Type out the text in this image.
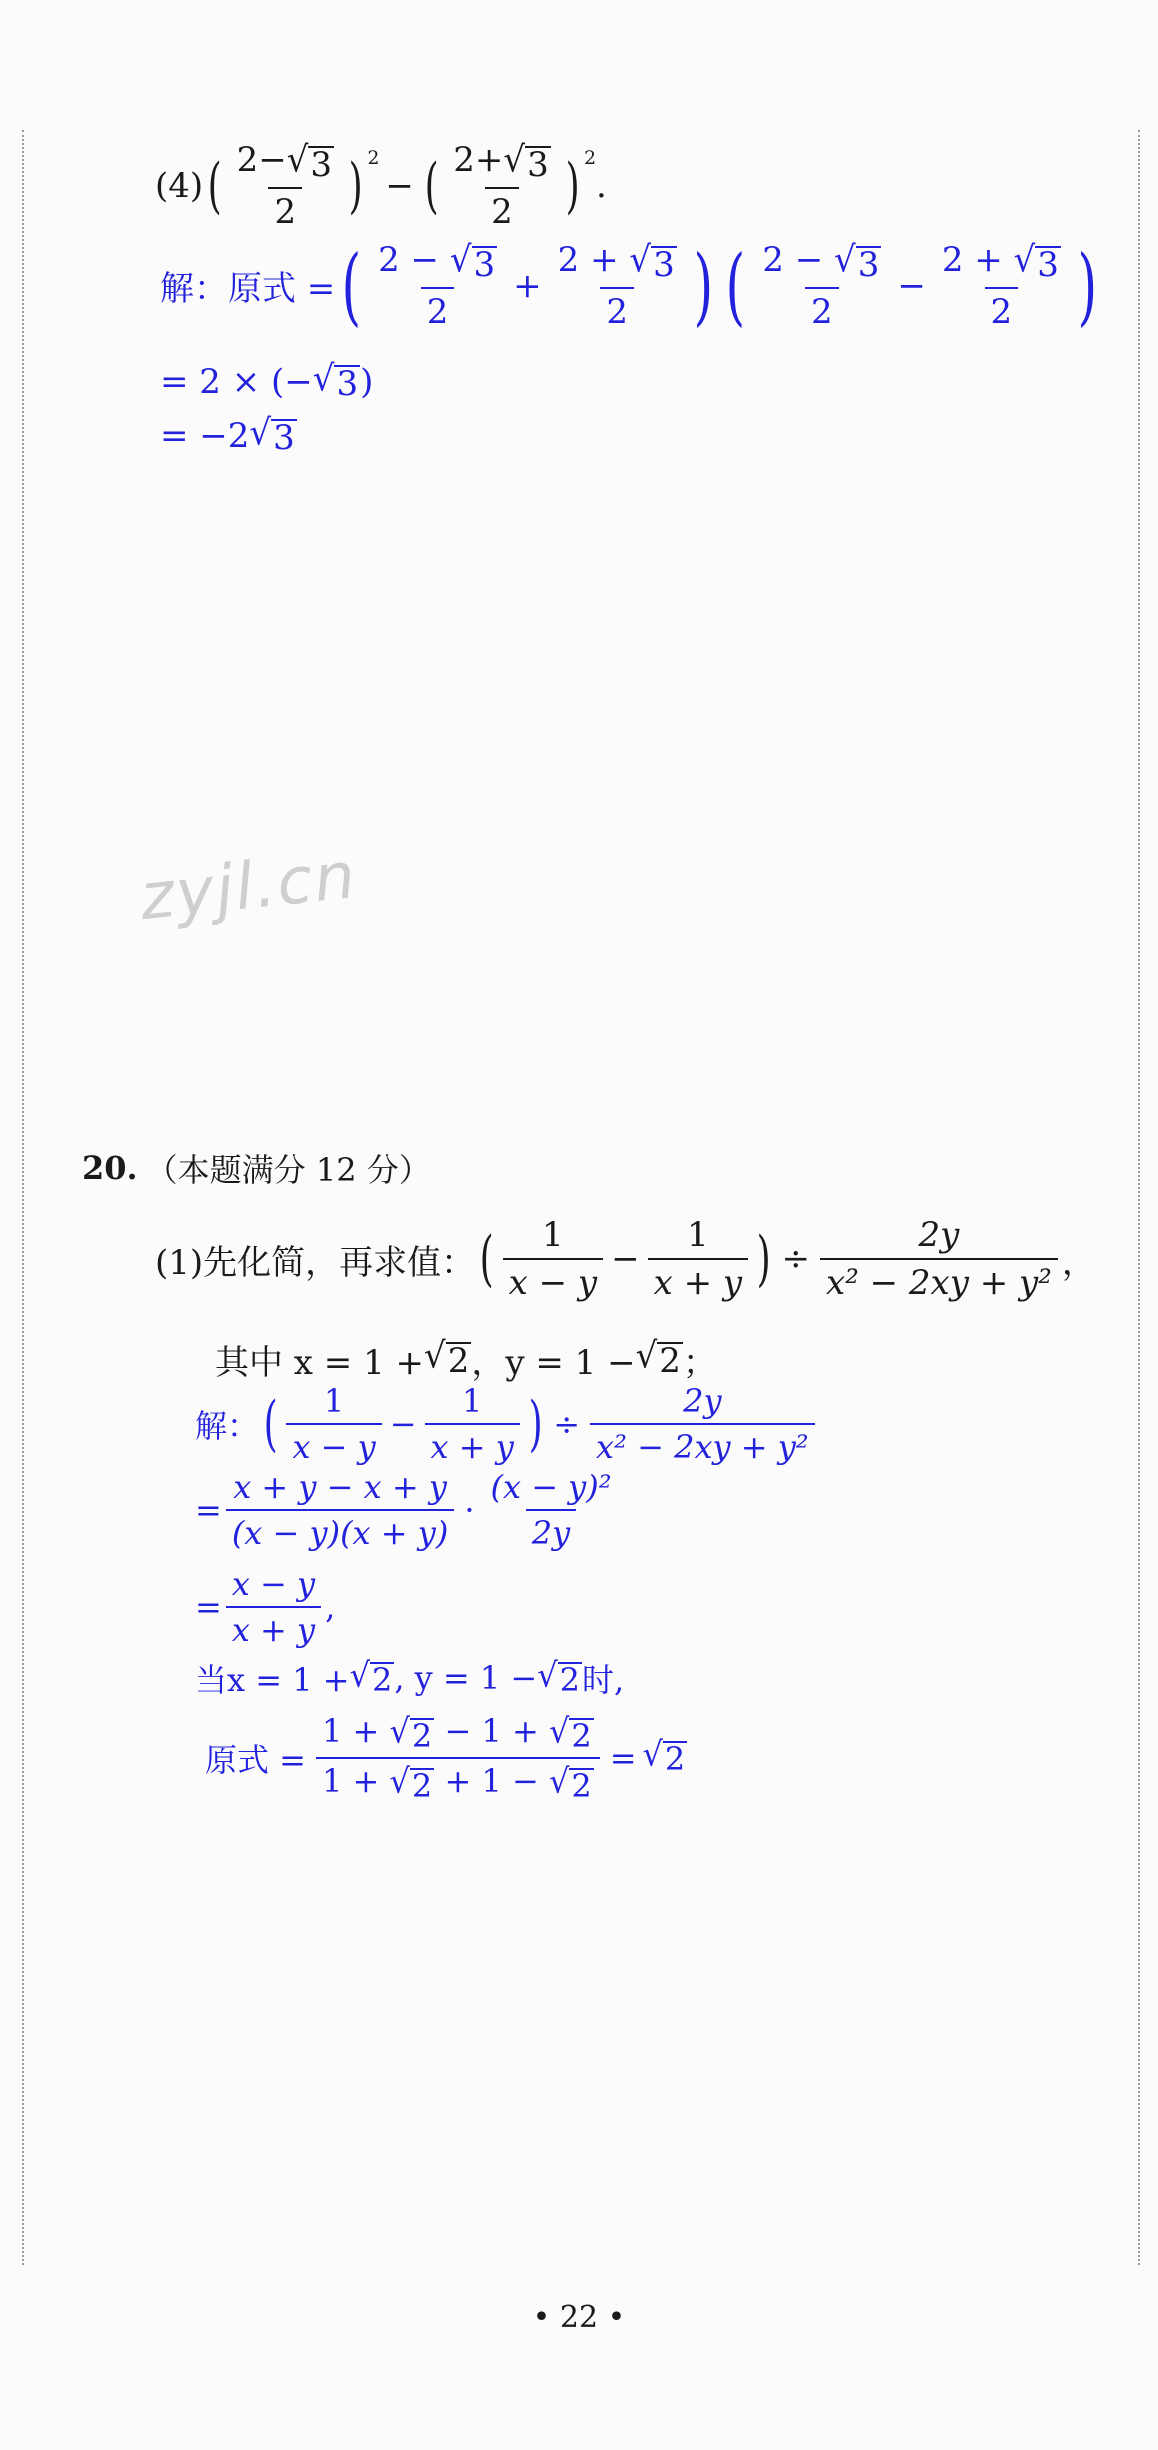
(4) ( $\frac{2- √ 3}{2}$ ) $^2$
− ( $\frac{2+ √ 3}{2}$ ) $^2$
.
解：原式 = ( $\frac{2 - √ 3}{2} + \frac{2 + √ 3}{2}$ ) ( $\frac{2 - √ 3}{2} - \frac{2 + √ 3}{2}$ )
= 2 × (− √ 3 )
= −2 √ 3
zyjl.cn
20. （本题满分 12 分）
(1)先化简，再求值： ( $\frac{1}{x - y} - \frac{1}{x + y}$ ) ÷ $\frac{2y}{\text{x² − 2xy + y²}}$ ，
其中 x = 1 + √ 2 ，y = 1 − √ 2 ；
解： ( $\frac{1}{x - y} - \frac{1}{x + y}$ ) ÷ $\frac{2y}{\text{x² − 2xy + y²}}$
= $\frac{x + y - x + y}{(x - y)(x + y)} \cdot \frac{\text{(x − y)²}}{2y}$
= $\frac{x - y}{x + y}$ ,
当x = 1 + √ 2 , y = 1 − √ 2 时,
原式 = $\frac{1 + √ 2 - 1 + √ 2}{1 + √ 2 + 1 - √ 2}$ = √ 2
• 22 •
